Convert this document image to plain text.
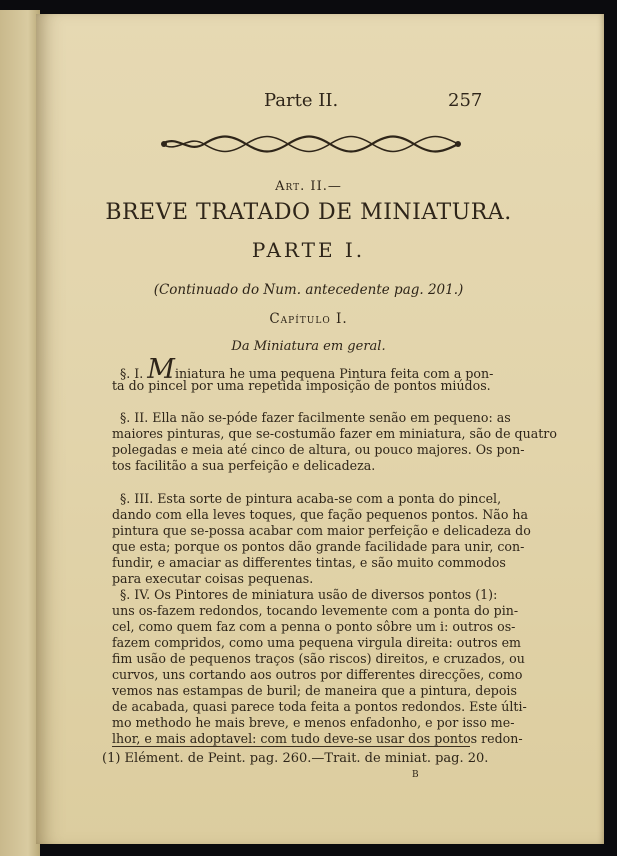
Parte II.	257
Art. II.—
BREVE TRATADO DE MINIATURA.
PARTE I.
(Continuado do Num. antecedente pag. 201.)
Capítulo I.
Da Miniatura em geral.
§. I. Miniatura he uma pequena Pintura feita com a pon-
ta do pincel por uma repetida imposição de pontos miúdos.
§. II. Ella não se-póde fazer facilmente senão em pequeno: as
maiores pinturas, que se-costumão fazer em miniatura, são de quatro
polegadas e meia até cinco de altura, ou pouco majores. Os pon-
tos facilitão a sua perfeição e delicadeza.
§. III. Esta sorte de pintura acaba-se com a ponta do pincel,
dando com ella leves toques, que fação pequenos pontos. Não ha
pintura que se-possa acabar com maior perfeição e delicadeza do
que esta; porque os pontos dão grande facilidade para unir, con-
fundir, e amaciar as differentes tintas, e são muito commodos
para executar coisas pequenas.
§. IV. Os Pintores de miniatura usão de diversos pontos (1):
uns os-fazem redondos, tocando levemente com a ponta do pin-
cel, como quem faz com a penna o ponto sôbre um i: outros os-
fazem compridos, como uma pequena virgula direita: outros em
fim usão de pequenos traços (são riscos) direitos, e cruzados, ou
curvos, uns cortando aos outros por differentes direcções, como
vemos nas estampas de buril; de maneira que a pintura, depois
de acabada, quasi parece toda feita a pontos redondos. Este últi-
mo methodo he mais breve, e menos enfadonho, e por isso me-
lhor, e mais adoptavel: com tudo deve-se usar dos pontos redon-
(1) Elément. de Peint. pag. 260.—Trait. de miniat. pag. 20.
B
